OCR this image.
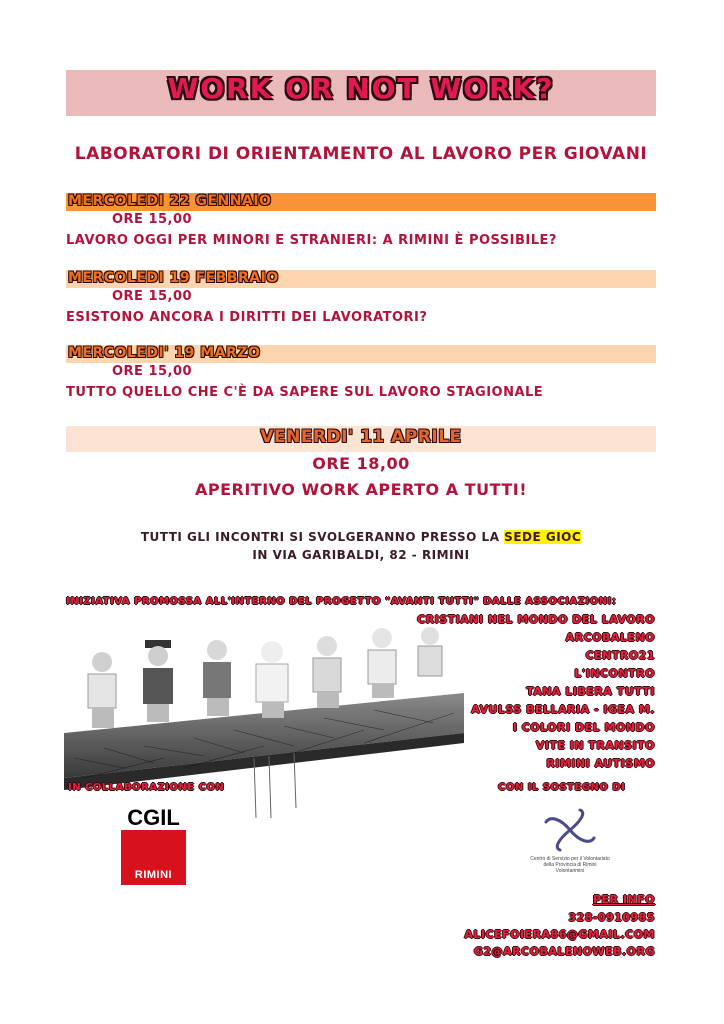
WORK OR NOT WORK?
LABORATORI DI ORIENTAMENTO AL LAVORO PER GIOVANI
MERCOLEDI 22 GENNAIO
ORE 15,00
LAVORO OGGI PER MINORI E STRANIERI: A RIMINI È POSSIBILE?
MERCOLEDI 19 FEBBRAIO
ORE 15,00
ESISTONO ANCORA I DIRITTI DEI LAVORATORI?
MERCOLEDI' 19 MARZO
ORE 15,00
TUTTO QUELLO CHE C'È DA SAPERE SUL LAVORO STAGIONALE
VENERDI' 11 APRILE
ORE 18,00
APERITIVO WORK APERTO A TUTTI!
TUTTI GLI INCONTRI SI SVOLGERANNO PRESSO LA SEDE GIOC
IN VIA GARIBALDI, 82 - RIMINI
INIZIATIVA PROMOSSA ALL'INTERNO DEL PROGETTO "AVANTI TUTTI" DALLE ASSOCIAZIONI:
CRISTIANI NEL MONDO DEL LAVORO
ARCOBALENO
CENTRO21
L'INCONTRO
TANA LIBERA TUTTI
AVULSS BELLARIA - IGEA M.
I COLORI DEL MONDO
VITE IN TRANSITO
RIMINI AUTISMO
IN COLLABORAZIONE CON	CON IL SOSTEGNO DI
CGIL
RIMINI
Centro di Servizio per il Volontariato
della Provincia di Rimini
Volontarimini
PER INFO
328-0910985
ALICEFOIERA86@GMAIL.COM
G2@ARCOBALENOWEB.ORG
